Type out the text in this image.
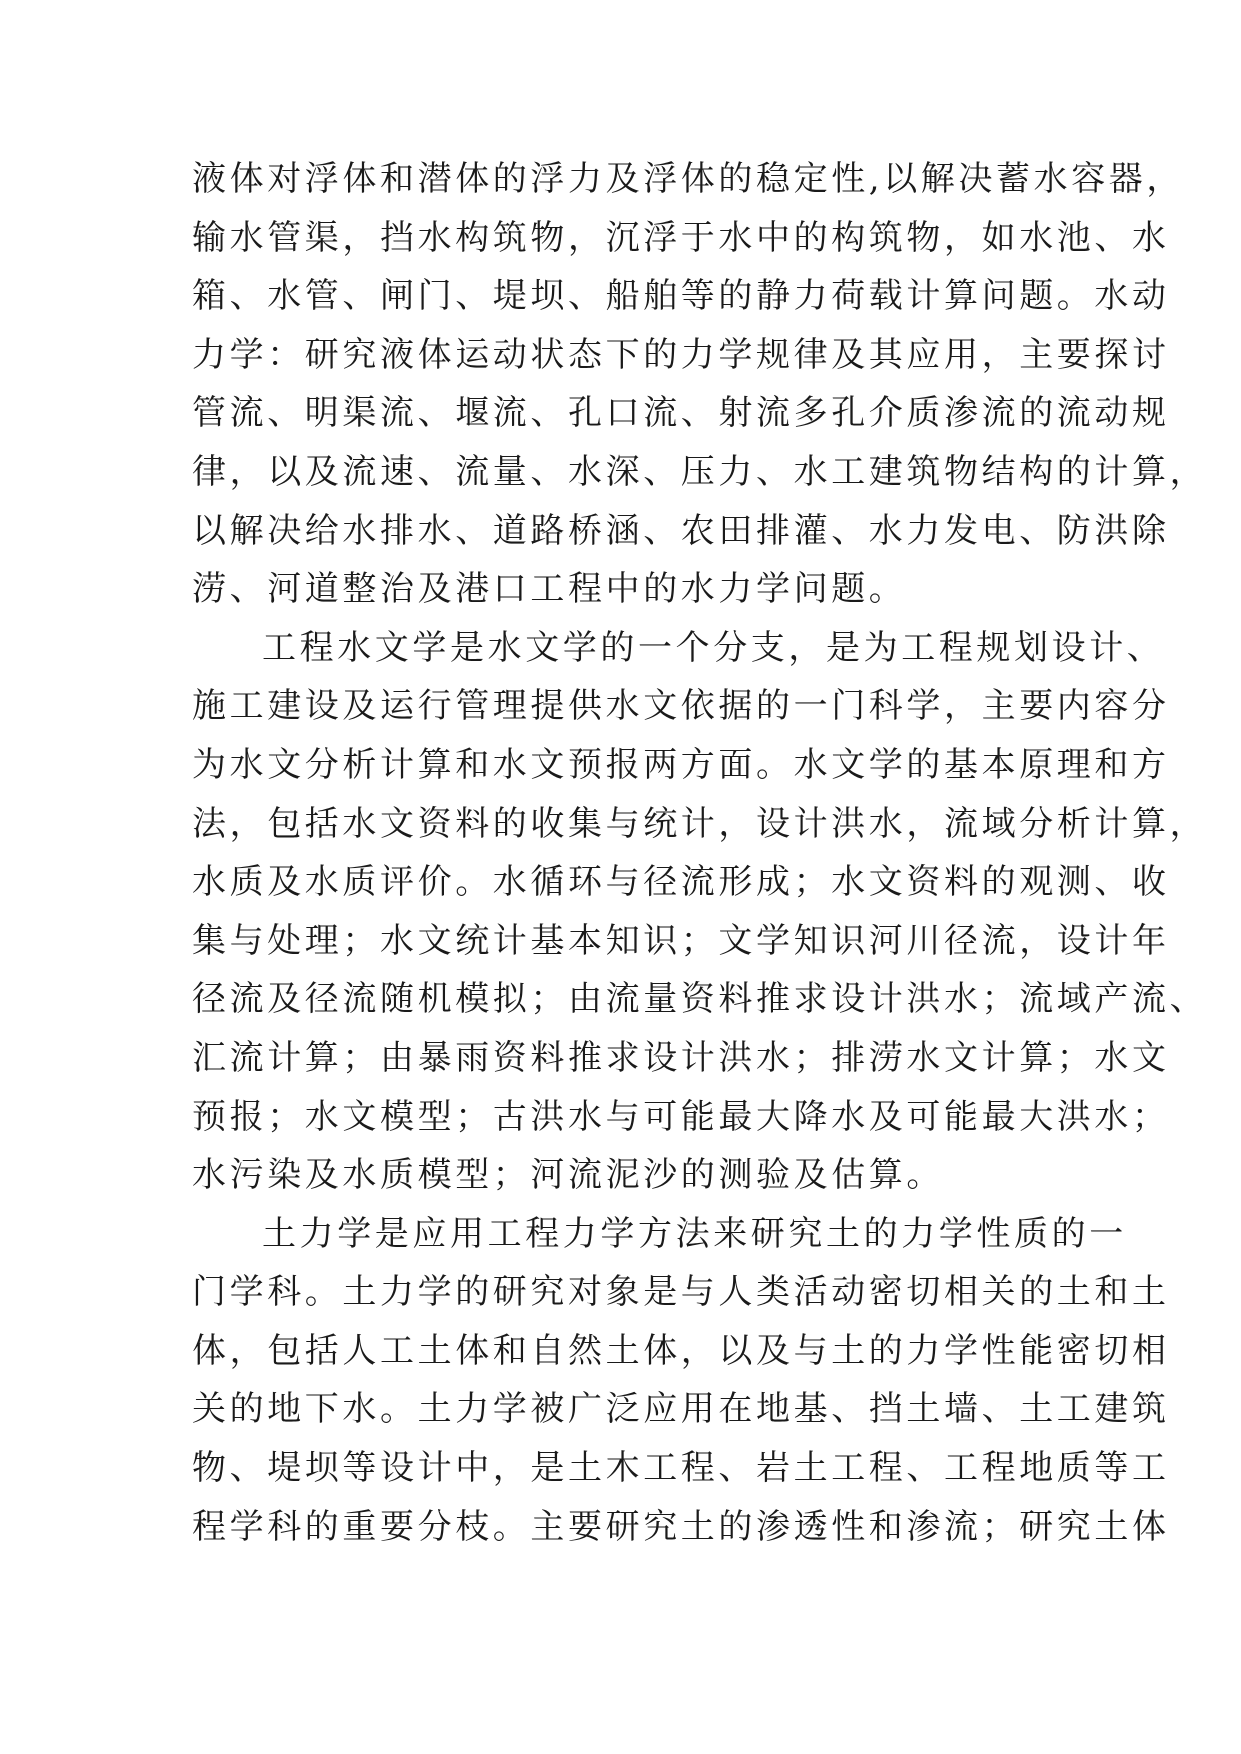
液体对浮体和潜体的浮力及浮体的稳定性,以解决蓄水容器，
输水管渠，挡水构筑物，沉浮于水中的构筑物，如水池、水
箱、水管、闸门、堤坝、船舶等的静力荷载计算问题。水动
力学：研究液体运动状态下的力学规律及其应用，主要探讨
管流、明渠流、堰流、孔口流、射流多孔介质渗流的流动规
律，以及流速、流量、水深、压力、水工建筑物结构的计算，
以解决给水排水、道路桥涵、农田排灌、水力发电、防洪除
涝、河道整治及港口工程中的水力学问题。
工程水文学是水文学的一个分支，是为工程规划设计、
施工建设及运行管理提供水文依据的一门科学，主要内容分
为水文分析计算和水文预报两方面。水文学的基本原理和方
法，包括水文资料的收集与统计，设计洪水，流域分析计算，
水质及水质评价。水循环与径流形成；水文资料的观测、收
集与处理；水文统计基本知识；文学知识河川径流，设计年
径流及径流随机模拟；由流量资料推求设计洪水；流域产流、
汇流计算；由暴雨资料推求设计洪水；排涝水文计算；水文
预报；水文模型；古洪水与可能最大降水及可能最大洪水；
水污染及水质模型；河流泥沙的测验及估算。
土力学是应用工程力学方法来研究土的力学性质的一
门学科。土力学的研究对象是与人类活动密切相关的土和土
体，包括人工土体和自然土体，以及与土的力学性能密切相
关的地下水。土力学被广泛应用在地基、挡土墙、土工建筑
物、堤坝等设计中，是土木工程、岩土工程、工程地质等工
程学科的重要分枝。主要研究土的渗透性和渗流；研究土体
